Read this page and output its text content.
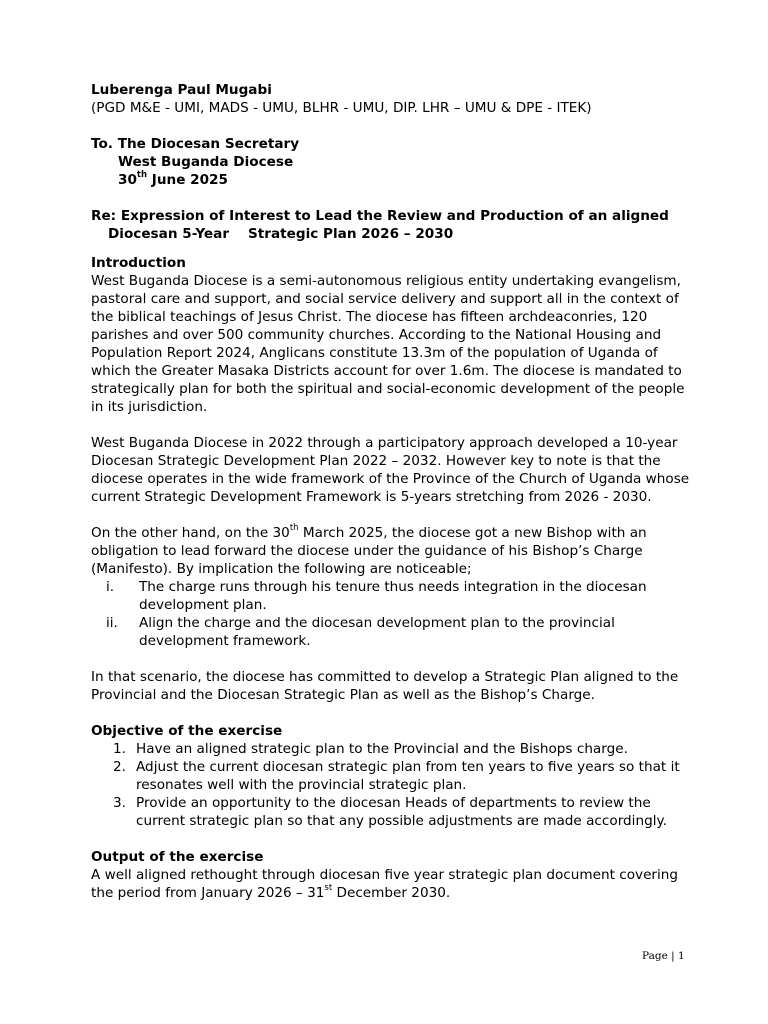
Luberenga Paul Mugabi

(PGD M&E - UMI, MADS - UMU, BLHR - UMU, DIP. LHR – UMU & DPE - ITEK)

To. The Diocesan Secretary

West Buganda Diocese

30th June 2025

Re: Expression of Interest to Lead the Review and Production of an aligned

Diocesan 5-Year    Strategic Plan 2026 – 2030

Introduction

West Buganda Diocese is a semi-autonomous religious entity undertaking evangelism, pastoral care and support, and social service delivery and support all in the context of the biblical teachings of Jesus Christ. The diocese has fifteen archdeaconries, 120 parishes and over 500 community churches. According to the National Housing and Population Report 2024, Anglicans constitute 13.3m of the population of Uganda of which the Greater Masaka Districts account for over 1.6m. The diocese is mandated to strategically plan for both the spiritual and social-economic development of the people in its jurisdiction.

West Buganda Diocese in 2022 through a participatory approach developed a 10-year Diocesan Strategic Development Plan 2022 – 2032. However key to note is that the diocese operates in the wide framework of the Province of the Church of Uganda whose current Strategic Development Framework is 5-years stretching from 2026 - 2030.

On the other hand, on the 30th March 2025, the diocese got a new Bishop with an obligation to lead forward the diocese under the guidance of his Bishop’s Charge (Manifesto). By implication the following are noticeable;

i. The charge runs through his tenure thus needs integration in the diocesan development plan.
ii. Align the charge and the diocesan development plan to the provincial development framework.

In that scenario, the diocese has committed to develop a Strategic Plan aligned to the Provincial and the Diocesan Strategic Plan as well as the Bishop’s Charge.

Objective of the exercise

1. Have an aligned strategic plan to the Provincial and the Bishops charge.
2. Adjust the current diocesan strategic plan from ten years to five years so that it resonates well with the provincial strategic plan.
3. Provide an opportunity to the diocesan Heads of departments to review the current strategic plan so that any possible adjustments are made accordingly.

Output of the exercise

A well aligned rethought through diocesan five year strategic plan document covering the period from January 2026 – 31st December 2030.

Page | 1
